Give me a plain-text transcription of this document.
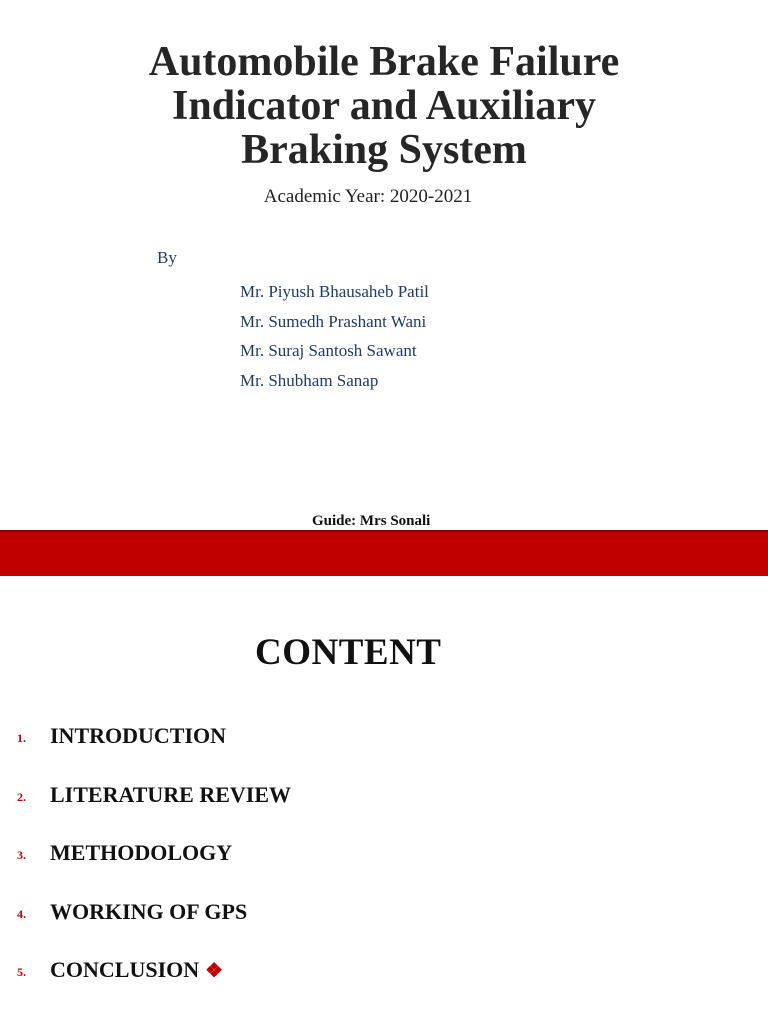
Automobile Brake Failure
Indicator and Auxiliary
Braking System
Academic Year: 2020-2021
By
Mr. Piyush Bhausaheb Patil
Mr. Sumedh Prashant Wani
Mr. Suraj Santosh Sawant
Mr. Shubham Sanap
Guide: Mrs Sonali
CONTENT
1. INTRODUCTION
2. LITERATURE REVIEW
3. METHODOLOGY
4. WORKING OF GPS
5. CONCLUSION ❖
